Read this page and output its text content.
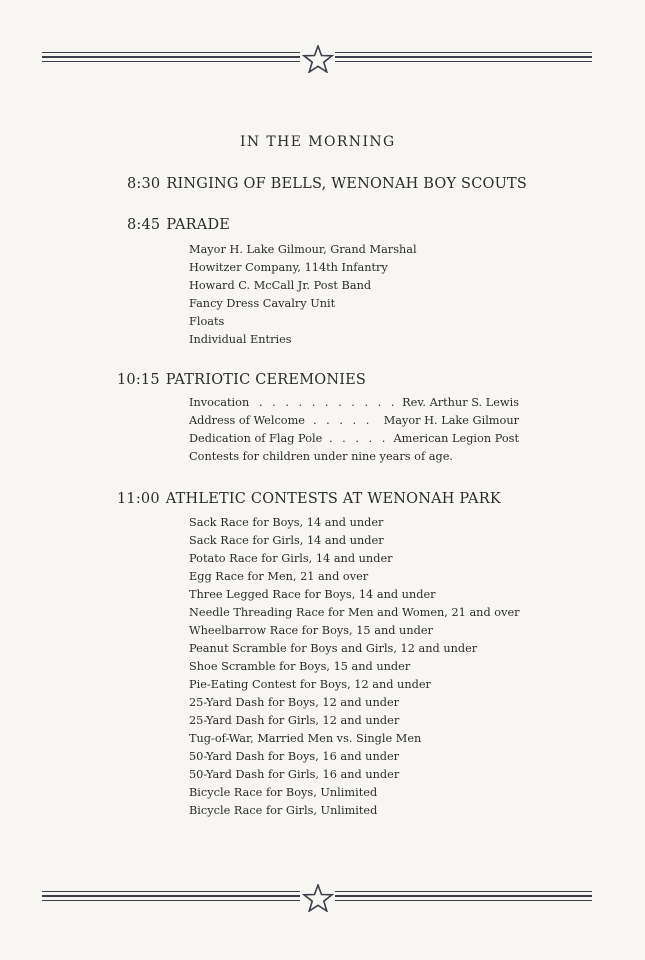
IN THE MORNING
8:30 RINGING OF BELLS, WENONAH BOY SCOUTS
8:45 PARADE
Mayor H. Lake Gilmour, Grand Marshal
Howitzer Company, 114th Infantry
Howard C. McCall Jr. Post Band
Fancy Dress Cavalry Unit
Floats
Individual Entries
10:15 PATRIOTIC CEREMONIES
Invocation . . . . . . . . . . . Rev. Arthur S. Lewis
Address of Welcome . . . . . Mayor H. Lake Gilmour
Dedication of Flag Pole . . . . . American Legion Post
Contests for children under nine years of age.
11:00 ATHLETIC CONTESTS AT WENONAH PARK
Sack Race for Boys, 14 and under
Sack Race for Girls, 14 and under
Potato Race for Girls, 14 and under
Egg Race for Men, 21 and over
Three Legged Race for Boys, 14 and under
Needle Threading Race for Men and Women, 21 and over
Wheelbarrow Race for Boys, 15 and under
Peanut Scramble for Boys and Girls, 12 and under
Shoe Scramble for Boys, 15 and under
Pie-Eating Contest for Boys, 12 and under
25-Yard Dash for Boys, 12 and under
25-Yard Dash for Girls, 12 and under
Tug-of-War, Married Men vs. Single Men
50-Yard Dash for Boys, 16 and under
50-Yard Dash for Girls, 16 and under
Bicycle Race for Boys, Unlimited
Bicycle Race for Girls, Unlimited
